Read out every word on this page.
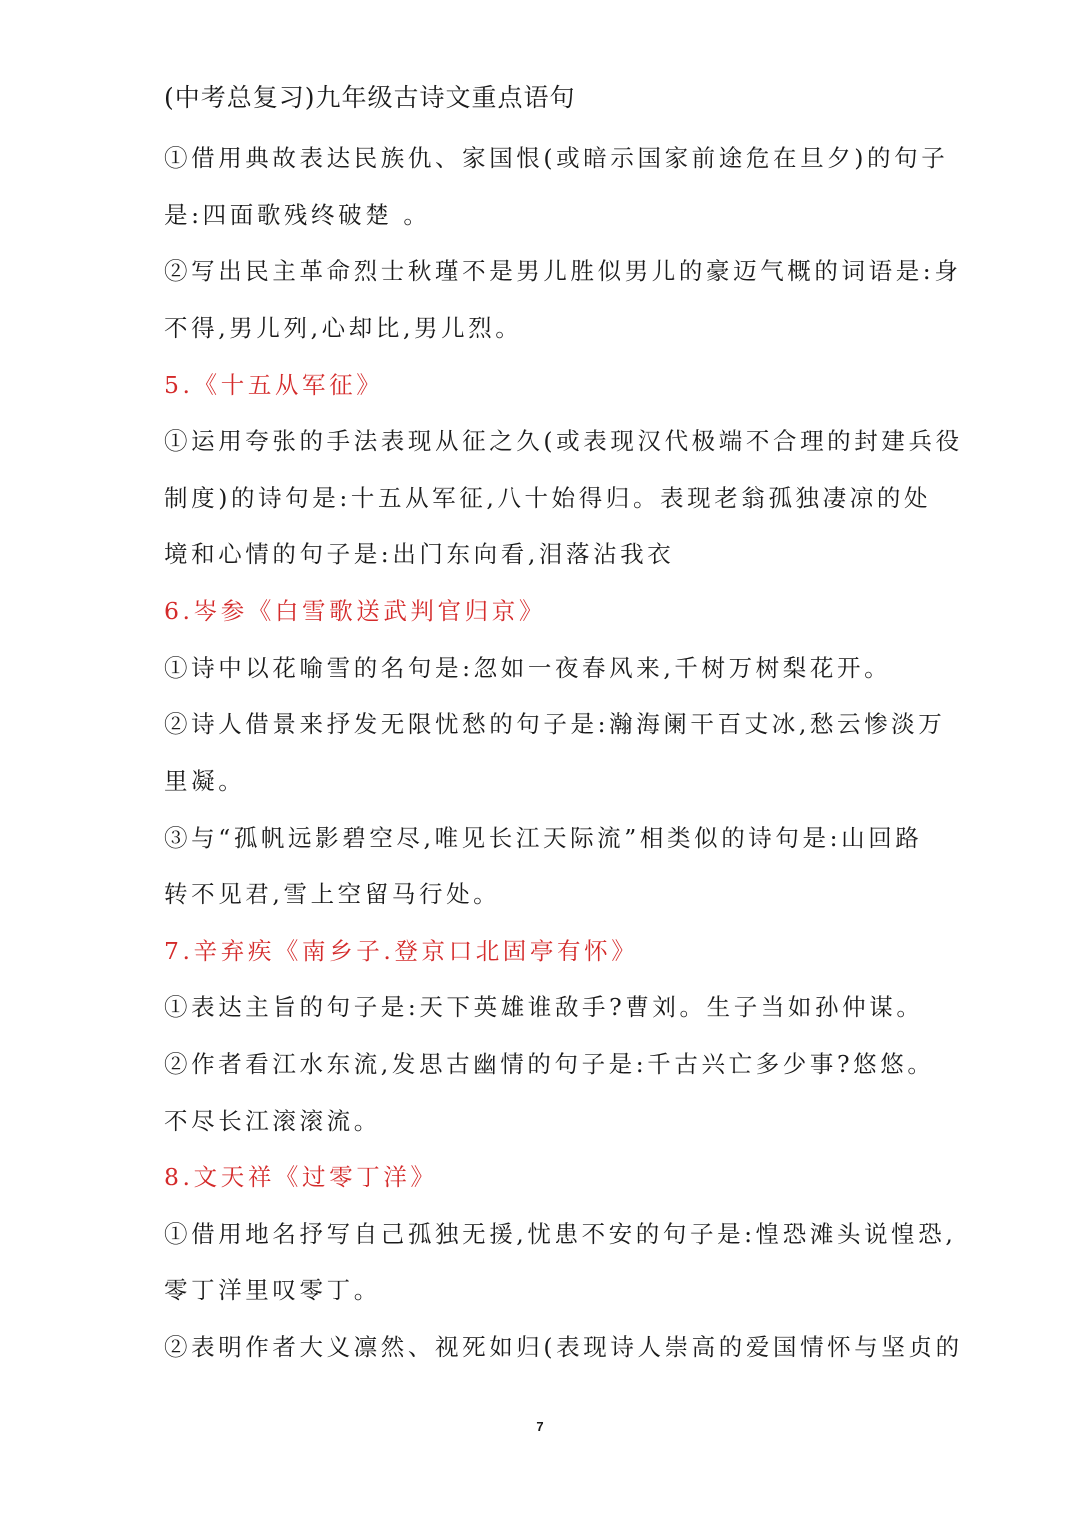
(中考总复习)九年级古诗文重点语句
①借用典故表达民族仇、家国恨(或暗示国家前途危在旦夕)的句子
是:四面歌残终破楚 。
②写出民主革命烈士秋瑾不是男儿胜似男儿的豪迈气概的词语是:身
不得,男儿列,心却比,男儿烈。
5.《十五从军征》
①运用夸张的手法表现从征之久(或表现汉代极端不合理的封建兵役
制度)的诗句是:十五从军征,八十始得归。表现老翁孤独凄凉的处
境和心情的句子是:出门东向看,泪落沾我衣
6.岑参《白雪歌送武判官归京》
①诗中以花喻雪的名句是:忽如一夜春风来,千树万树梨花开。
②诗人借景来抒发无限忧愁的句子是:瀚海阑干百丈冰,愁云惨淡万
里凝。
③与“孤帆远影碧空尽,唯见长江天际流”相类似的诗句是:山回路
转不见君,雪上空留马行处。
7.辛弃疾《南乡子.登京口北固亭有怀》
①表达主旨的句子是:天下英雄谁敌手?曹刘。生子当如孙仲谋。
②作者看江水东流,发思古幽情的句子是:千古兴亡多少事?悠悠。
不尽长江滚滚流。
8.文天祥《过零丁洋》
①借用地名抒写自己孤独无援,忧患不安的句子是:惶恐滩头说惶恐,
零丁洋里叹零丁。
②表明作者大义凛然、视死如归(表现诗人崇高的爱国情怀与坚贞的
7
